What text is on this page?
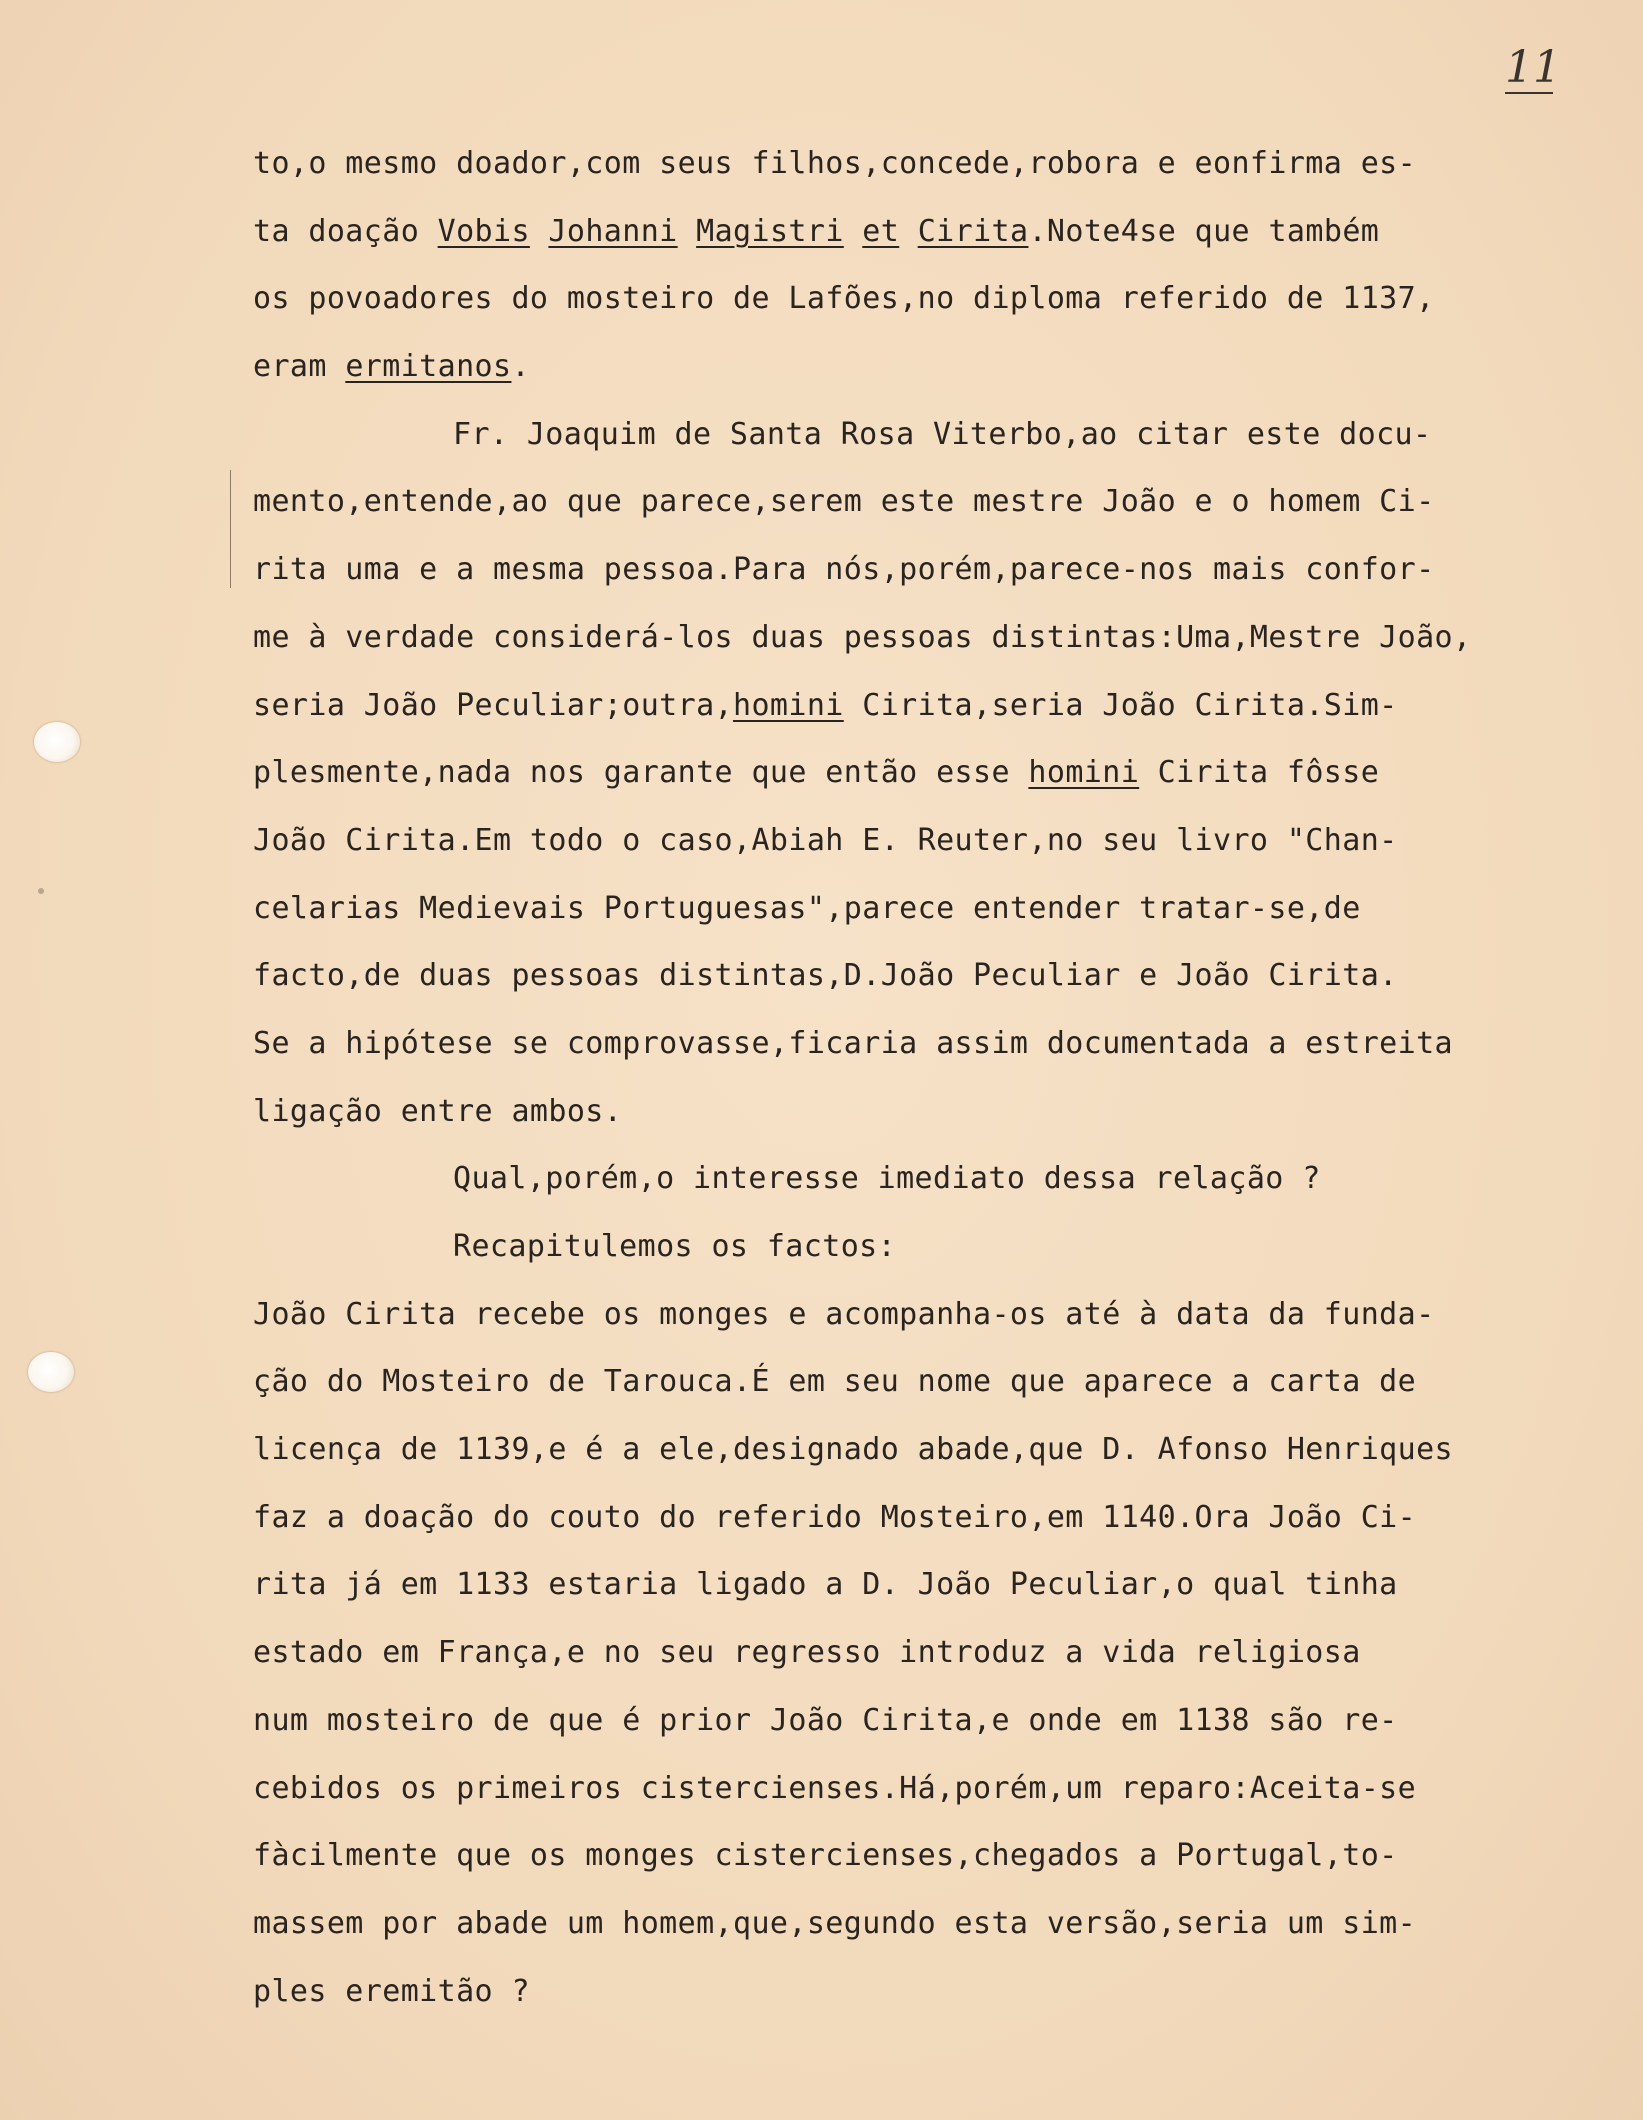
11
to,o mesmo doador,com seus filhos,concede,robora e eonfirma es-
ta doação Vobis Johanni Magistri et Cirita.Note4se que também
os povoadores do mosteiro de Lafões,no diploma referido de 1137,
eram ermitanos.
Fr. Joaquim de Santa Rosa Viterbo,ao citar este docu-
mento,entende,ao que parece,serem este mestre João e o homem Ci-
rita uma e a mesma pessoa.Para nós,porém,parece-nos mais confor-
me à verdade considerá-los duas pessoas distintas:Uma,Mestre João,
seria João Peculiar;outra,homini Cirita,seria João Cirita.Sim-
plesmente,nada nos garante que então esse homini Cirita fôsse
João Cirita.Em todo o caso,Abiah E. Reuter,no seu livro "Chan-
celarias Medievais Portuguesas",parece entender tratar-se,de
facto,de duas pessoas distintas,D.João Peculiar e João Cirita.
Se a hipótese se comprovasse,ficaria assim documentada a estreita
ligação entre ambos.
Qual,porém,o interesse imediato dessa relação ?
Recapitulemos os factos:
João Cirita recebe os monges e acompanha-os até à data da funda-
ção do Mosteiro de Tarouca.É em seu nome que aparece a carta de
licença de 1139,e é a ele,designado abade,que D. Afonso Henriques
faz a doação do couto do referido Mosteiro,em 1140.Ora João Ci-
rita já em 1133 estaria ligado a D. João Peculiar,o qual tinha
estado em França,e no seu regresso introduz a vida religiosa
num mosteiro de que é prior João Cirita,e onde em 1138 são re-
cebidos os primeiros cistercienses.Há,porém,um reparo:Aceita-se
fàcilmente que os monges cistercienses,chegados a Portugal,to-
massem por abade um homem,que,segundo esta versão,seria um sim-
ples eremitão ?
